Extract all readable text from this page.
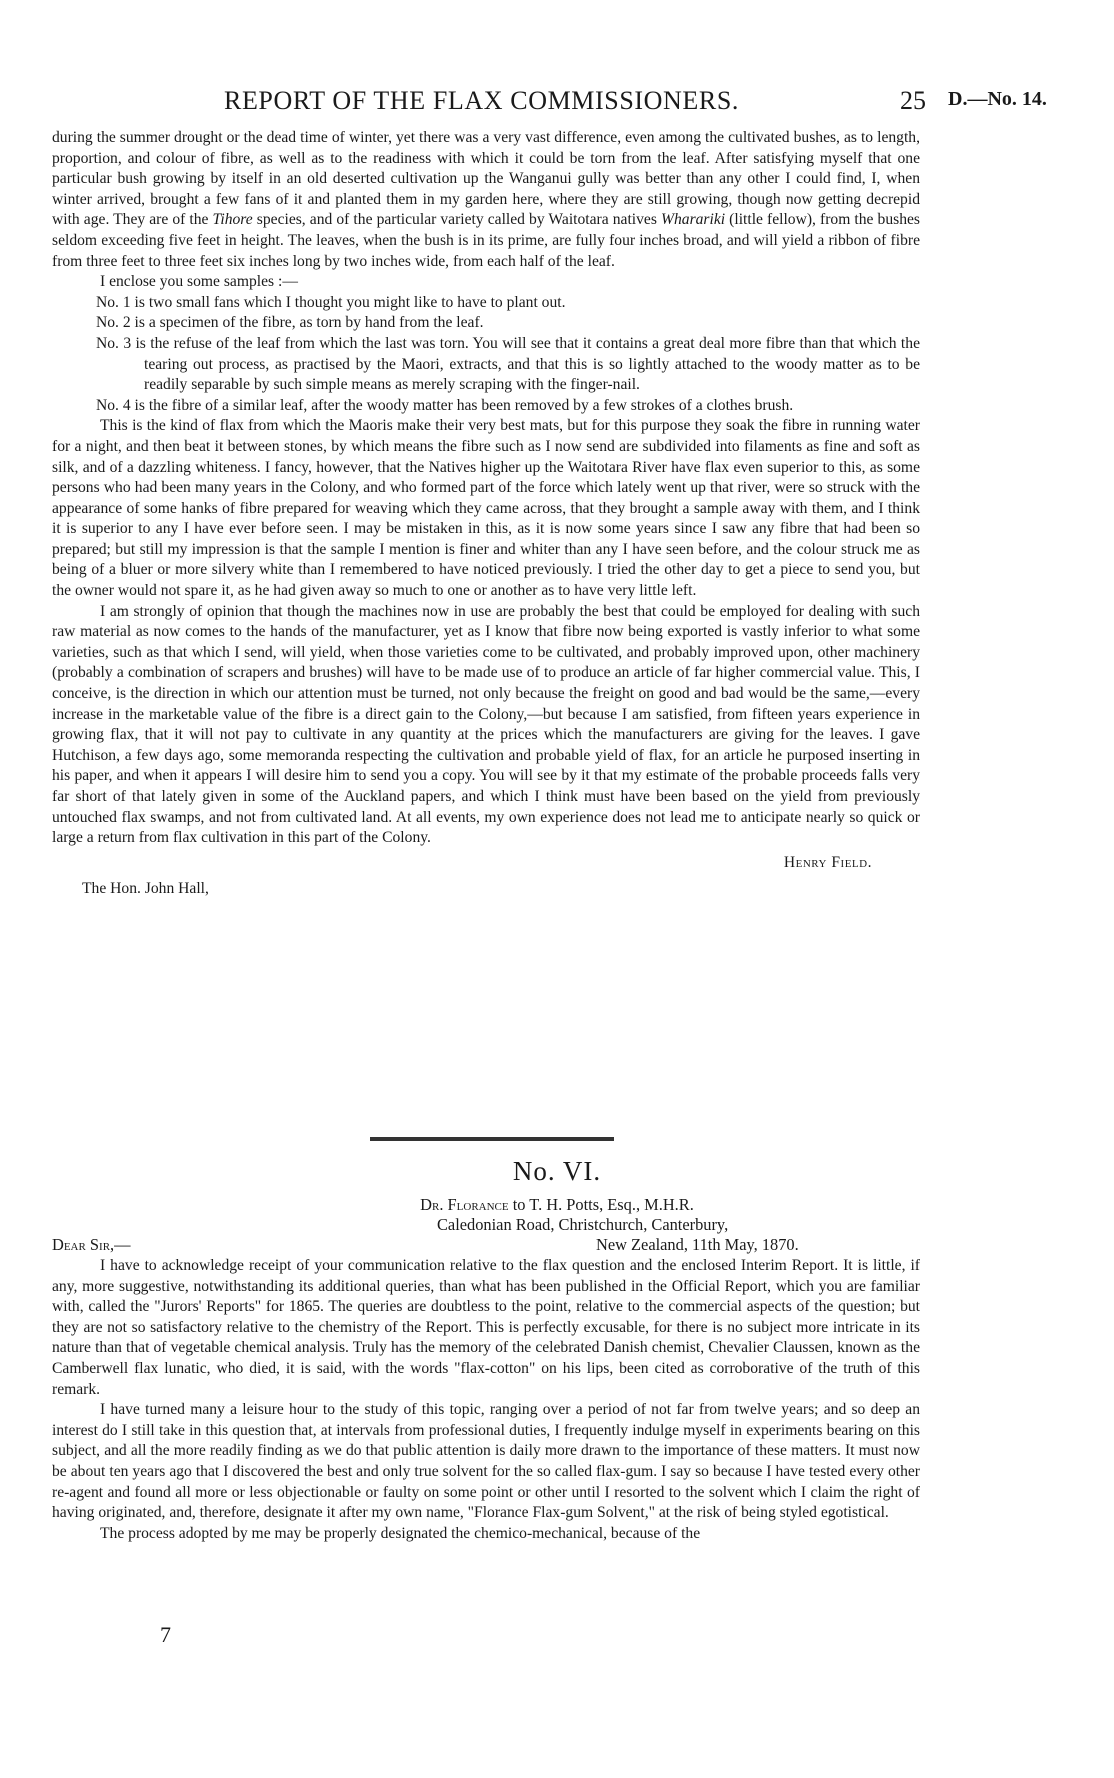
REPORT OF THE FLAX COMMISSIONERS.	25 D.—No. 14.

during the summer drought or the dead time of winter, yet there was a very vast difference, even among the cultivated bushes, as to length, proportion, and colour of fibre, as well as to the readiness with which it could be torn from the leaf. After satisfying myself that one particular bush growing by itself in an old deserted cultivation up the Wanganui gully was better than any other I could find, I, when winter arrived, brought a few fans of it and planted them in my garden here, where they are still growing, though now getting decrepid with age. They are of the Tihore species, and of the particular variety called by Waitotara natives Wharariki (little fellow), from the bushes seldom exceeding five feet in height. The leaves, when the bush is in its prime, are fully four inches broad, and will yield a ribbon of fibre from three feet to three feet six inches long by two inches wide, from each half of the leaf.

I enclose you some samples :—

No. 1 is two small fans which I thought you might like to have to plant out.

No. 2 is a specimen of the fibre, as torn by hand from the leaf.

No. 3 is the refuse of the leaf from which the last was torn. You will see that it contains a great deal more fibre than that which the tearing out process, as practised by the Maori, extracts, and that this is so lightly attached to the woody matter as to be readily separable by such simple means as merely scraping with the finger-nail.

No. 4 is the fibre of a similar leaf, after the woody matter has been removed by a few strokes of a clothes brush.

This is the kind of flax from which the Maoris make their very best mats, but for this purpose they soak the fibre in running water for a night, and then beat it between stones, by which means the fibre such as I now send are subdivided into filaments as fine and soft as silk, and of a dazzling whiteness. I fancy, however, that the Natives higher up the Waitotara River have flax even superior to this, as some persons who had been many years in the Colony, and who formed part of the force which lately went up that river, were so struck with the appearance of some hanks of fibre prepared for weaving which they came across, that they brought a sample away with them, and I think it is superior to any I have ever before seen. I may be mistaken in this, as it is now some years since I saw any fibre that had been so prepared; but still my impression is that the sample I mention is finer and whiter than any I have seen before, and the colour struck me as being of a bluer or more silvery white than I remembered to have noticed previously. I tried the other day to get a piece to send you, but the owner would not spare it, as he had given away so much to one or another as to have very little left.

I am strongly of opinion that though the machines now in use are probably the best that could be employed for dealing with such raw material as now comes to the hands of the manufacturer, yet as I know that fibre now being exported is vastly inferior to what some varieties, such as that which I send, will yield, when those varieties come to be cultivated, and probably improved upon, other machinery (probably a combination of scrapers and brushes) will have to be made use of to produce an article of far higher commercial value. This, I conceive, is the direction in which our attention must be turned, not only because the freight on good and bad would be the same,—every increase in the marketable value of the fibre is a direct gain to the Colony,—but because I am satisfied, from fifteen years experience in growing flax, that it will not pay to cultivate in any quantity at the prices which the manufacturers are giving for the leaves. I gave Hutchison, a few days ago, some memoranda respecting the cultivation and probable yield of flax, for an article he purposed inserting in his paper, and when it appears I will desire him to send you a copy. You will see by it that my estimate of the probable proceeds falls very far short of that lately given in some of the Auckland papers, and which I think must have been based on the yield from previously untouched flax swamps, and not from cultivated land. At all events, my own experience does not lead me to anticipate nearly so quick or large a return from flax cultivation in this part of the Colony.

Henry Field.

The Hon. John Hall,

No. VI.
Dr. Florance to T. H. Potts, Esq., M.H.R.
Caledonian Road, Christchurch, Canterbury,
Dear Sir,—	New Zealand, 11th May, 1870.

I have to acknowledge receipt of your communication relative to the flax question and the enclosed Interim Report. It is little, if any, more suggestive, notwithstanding its additional queries, than what has been published in the Official Report, which you are familiar with, called the "Jurors' Reports" for 1865. The queries are doubtless to the point, relative to the commercial aspects of the question; but they are not so satisfactory relative to the chemistry of the Report. This is perfectly excusable, for there is no subject more intricate in its nature than that of vegetable chemical analysis. Truly has the memory of the celebrated Danish chemist, Chevalier Claussen, known as the Camberwell flax lunatic, who died, it is said, with the words "flax-cotton" on his lips, been cited as corroborative of the truth of this remark.

I have turned many a leisure hour to the study of this topic, ranging over a period of not far from twelve years; and so deep an interest do I still take in this question that, at intervals from professional duties, I frequently indulge myself in experiments bearing on this subject, and all the more readily finding as we do that public attention is daily more drawn to the importance of these matters. It must now be about ten years ago that I discovered the best and only true solvent for the so called flax-gum. I say so because I have tested every other re-agent and found all more or less objectionable or faulty on some point or other until I resorted to the solvent which I claim the right of having originated, and, therefore, designate it after my own name, "Florance Flax-gum Solvent," at the risk of being styled egotistical.

The process adopted by me may be properly designated the chemico-mechanical, because of the

7
